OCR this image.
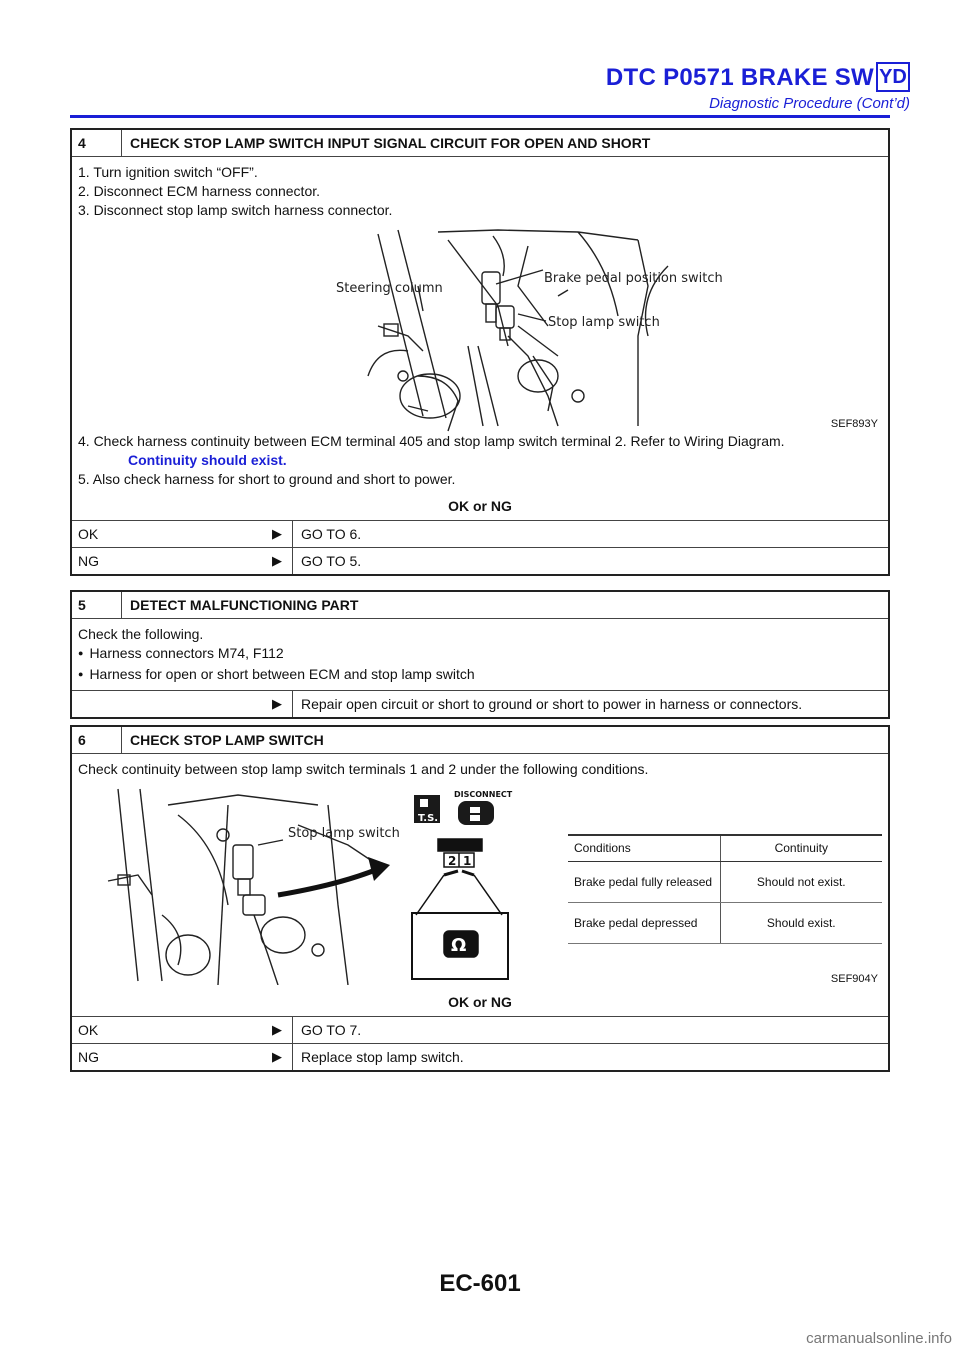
DTC P0571 BRAKE SW YD
Diagnostic Procedure (Cont’d)
4	CHECK STOP LAMP SWITCH INPUT SIGNAL CIRCUIT FOR OPEN AND SHORT
1. Turn ignition switch “OFF”.
2. Disconnect ECM harness connector.
3. Disconnect stop lamp switch harness connector.
Steering column
Brake pedal position switch
Stop lamp switch
SEF893Y
4. Check harness continuity between ECM terminal 405 and stop lamp switch terminal 2. Refer to Wiring Diagram.
Continuity should exist.
5. Also check harness for short to ground and short to power.
OK or NG
OK	▶	GO TO 6.
NG	▶	GO TO 5.
5	DETECT MALFUNCTIONING PART
Check the following.
● Harness connectors M74, F112
● Harness for open or short between ECM and stop lamp switch
▶	Repair open circuit or short to ground or short to power in harness or connectors.
6	CHECK STOP LAMP SWITCH
Check continuity between stop lamp switch terminals 1 and 2 under the following conditions.
Stop lamp switch
T.S.
DISCONNECT
2 1
Ω
Conditions	Continuity
Brake pedal fully released	Should not exist.
Brake pedal depressed	Should exist.
SEF904Y
OK or NG
OK	▶	GO TO 7.
NG	▶	Replace stop lamp switch.
EC-601
carmanualsonline.info
